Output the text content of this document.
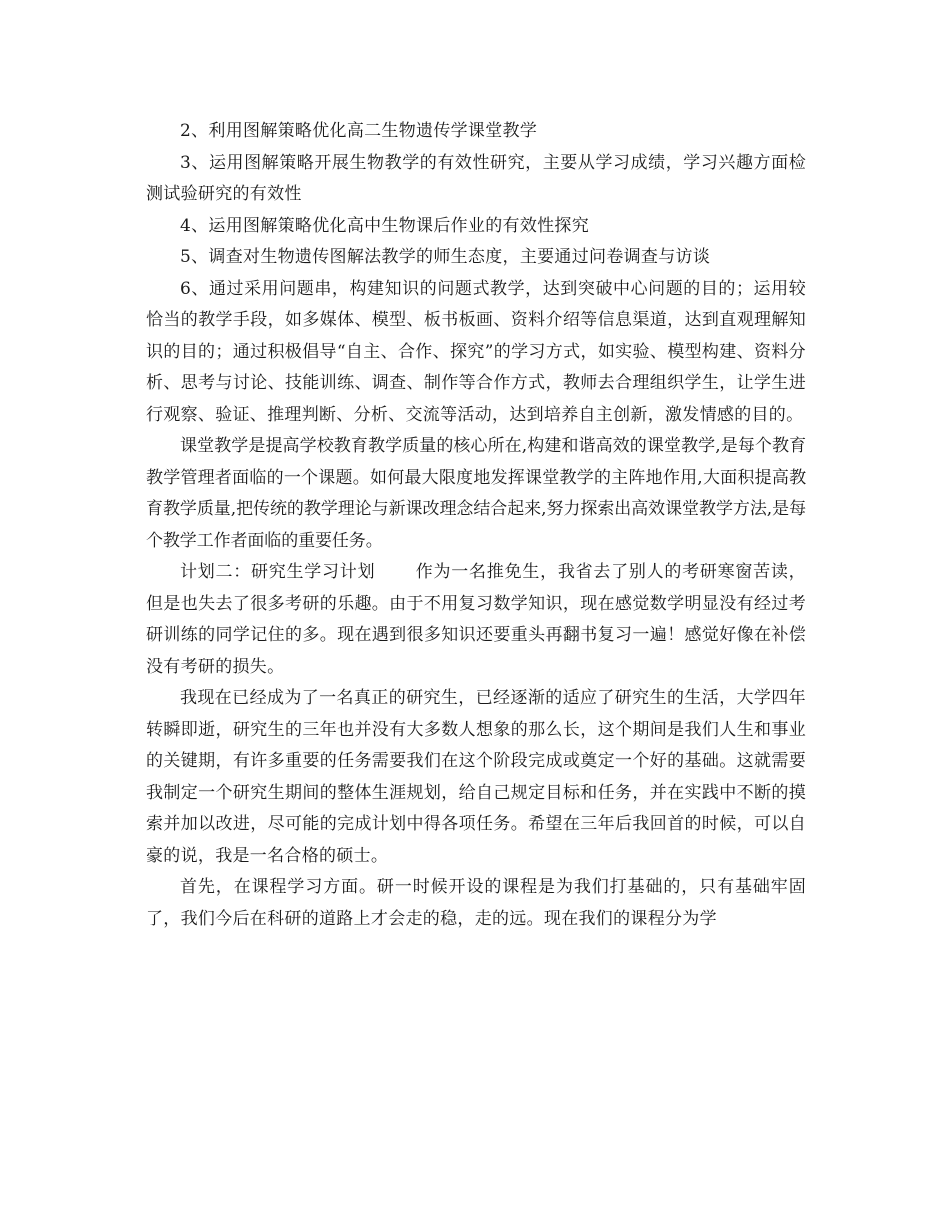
2、利用图解策略优化高二生物遗传学课堂教学

3、运用图解策略开展生物教学的有效性研究，主要从学习成绩，学习兴趣方面检测试验研究的有效性

4、运用图解策略优化高中生物课后作业的有效性探究

5、调查对生物遗传图解法教学的师生态度，主要通过问卷调查与访谈

6、通过采用问题串，构建知识的问题式教学，达到突破中心问题的目的；运用较恰当的教学手段，如多媒体、模型、板书板画、资料介绍等信息渠道，达到直观理解知识的目的；通过积极倡导“自主、合作、探究”的学习方式，如实验、模型构建、资料分析、思考与讨论、技能训练、调查、制作等合作方式，教师去合理组织学生，让学生进行观察、验证、推理判断、分析、交流等活动，达到培养自主创新，激发情感的目的。

课堂教学是提高学校教育教学质量的核心所在,构建和谐高效的课堂教学,是每个教育教学管理者面临的一个课题。如何最大限度地发挥课堂教学的主阵地作用,大面积提高教育教学质量,把传统的教学理论与新课改理念结合起来,努力探索出高效课堂教学方法,是每个教学工作者面临的重要任务。

计划二：研究生学习计划 作为一名推免生，我省去了别人的考研寒窗苦读，但是也失去了很多考研的乐趣。由于不用复习数学知识，现在感觉数学明显没有经过考研训练的同学记住的多。现在遇到很多知识还要重头再翻书复习一遍！感觉好像在补偿没有考研的损失。

我现在已经成为了一名真正的研究生，已经逐渐的适应了研究生的生活，大学四年转瞬即逝，研究生的三年也并没有大多数人想象的那么长，这个期间是我们人生和事业的关键期，有许多重要的任务需要我们在这个阶段完成或奠定一个好的基础。这就需要我制定一个研究生期间的整体生涯规划，给自己规定目标和任务，并在实践中不断的摸索并加以改进，尽可能的完成计划中得各项任务。希望在三年后我回首的时候，可以自豪的说，我是一名合格的硕士。

首先，在课程学习方面。研一时候开设的课程是为我们打基础的，只有基础牢固了，我们今后在科研的道路上才会走的稳，走的远。现在我们的课程分为学
